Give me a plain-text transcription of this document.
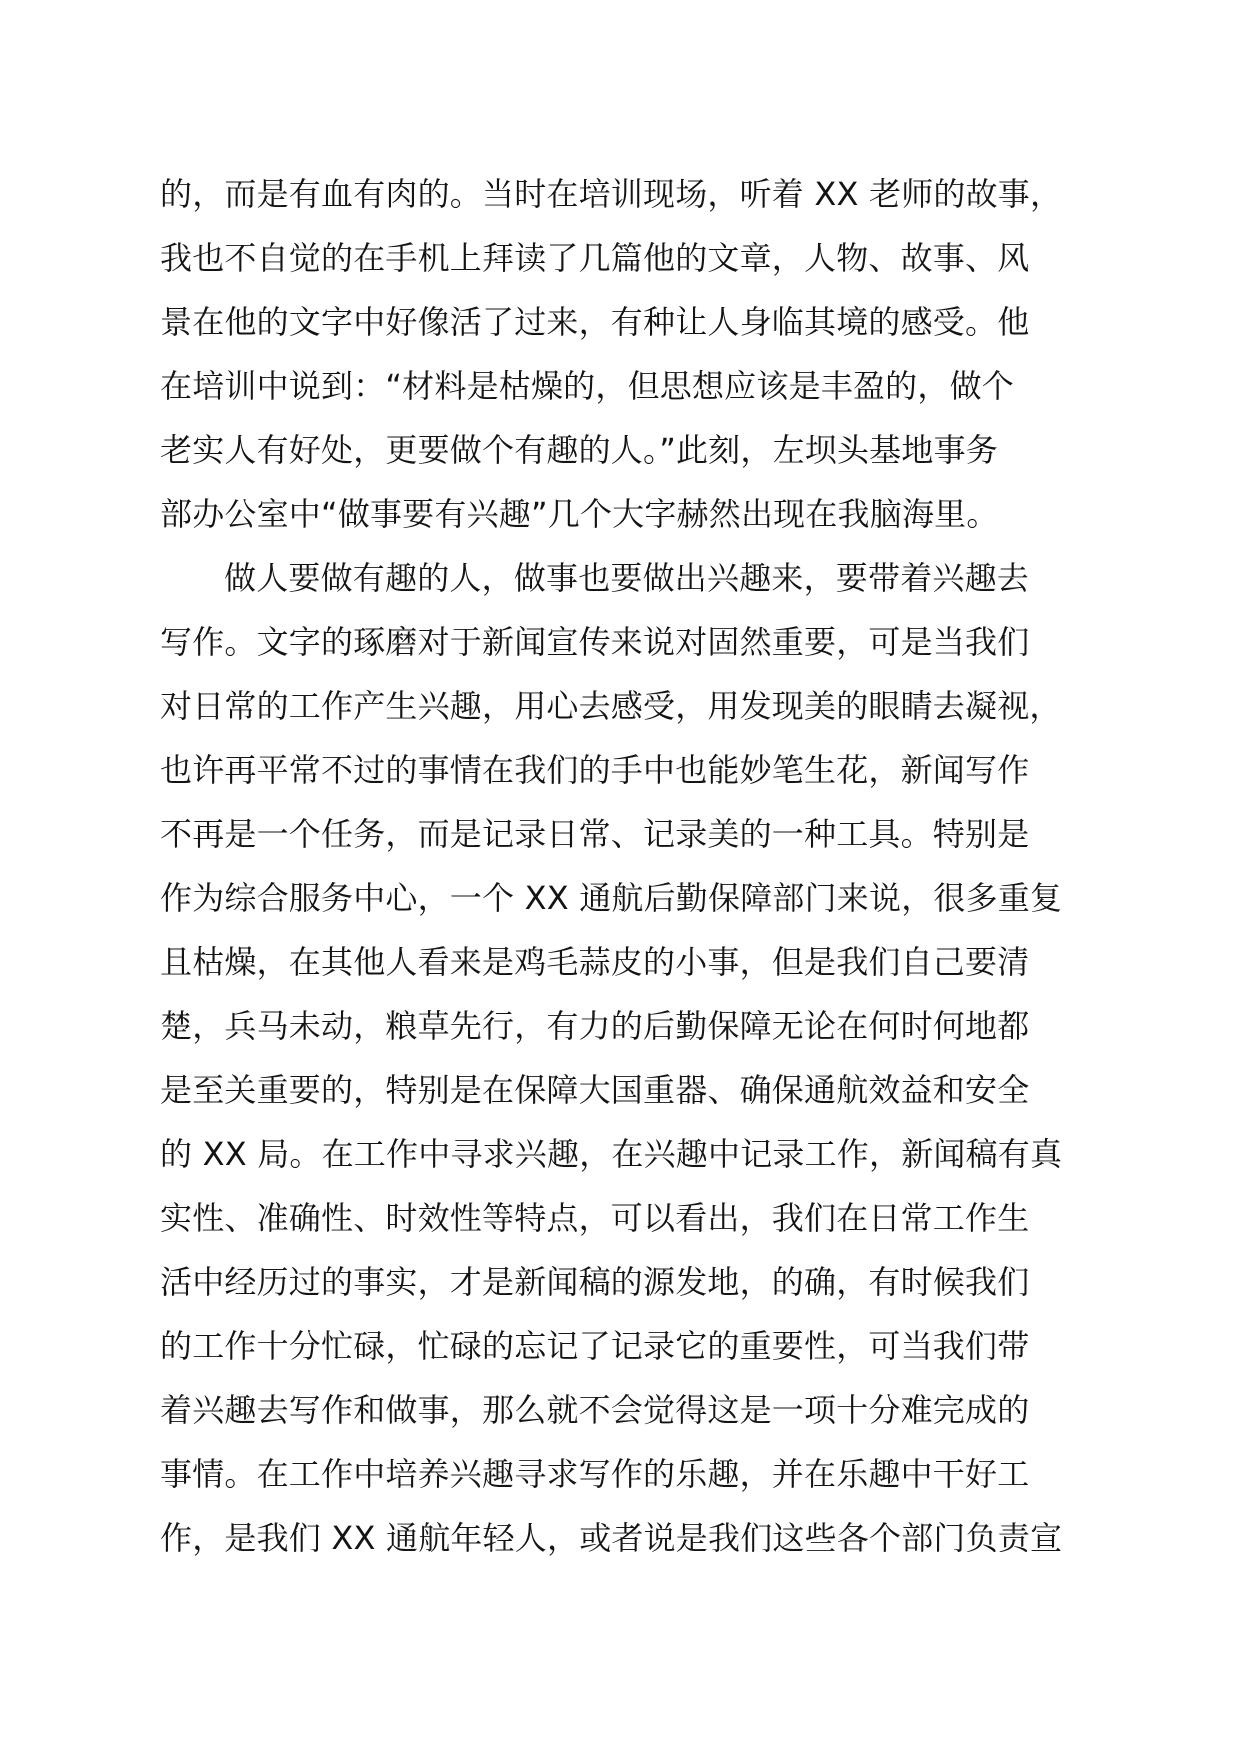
的，而是有血有肉的。当时在培训现场，听着 XX 老师的故事，
我也不自觉的在手机上拜读了几篇他的文章，人物、故事、风
景在他的文字中好像活了过来，有种让人身临其境的感受。他
在培训中说到：“材料是枯燥的，但思想应该是丰盈的，做个
老实人有好处，更要做个有趣的人。”此刻，左坝头基地事务
部办公室中“做事要有兴趣”几个大字赫然出现在我脑海里。
做人要做有趣的人，做事也要做出兴趣来，要带着兴趣去
写作。文字的琢磨对于新闻宣传来说对固然重要，可是当我们
对日常的工作产生兴趣，用心去感受，用发现美的眼睛去凝视，
也许再平常不过的事情在我们的手中也能妙笔生花，新闻写作
不再是一个任务，而是记录日常、记录美的一种工具。特别是
作为综合服务中心，一个 XX 通航后勤保障部门来说，很多重复
且枯燥，在其他人看来是鸡毛蒜皮的小事，但是我们自己要清
楚，兵马未动，粮草先行，有力的后勤保障无论在何时何地都
是至关重要的，特别是在保障大国重器、确保通航效益和安全
的 XX 局。在工作中寻求兴趣，在兴趣中记录工作，新闻稿有真
实性、准确性、时效性等特点，可以看出，我们在日常工作生
活中经历过的事实，才是新闻稿的源发地，的确，有时候我们
的工作十分忙碌，忙碌的忘记了记录它的重要性，可当我们带
着兴趣去写作和做事，那么就不会觉得这是一项十分难完成的
事情。在工作中培养兴趣寻求写作的乐趣，并在乐趣中干好工
作，是我们 XX 通航年轻人，或者说是我们这些各个部门负责宣
